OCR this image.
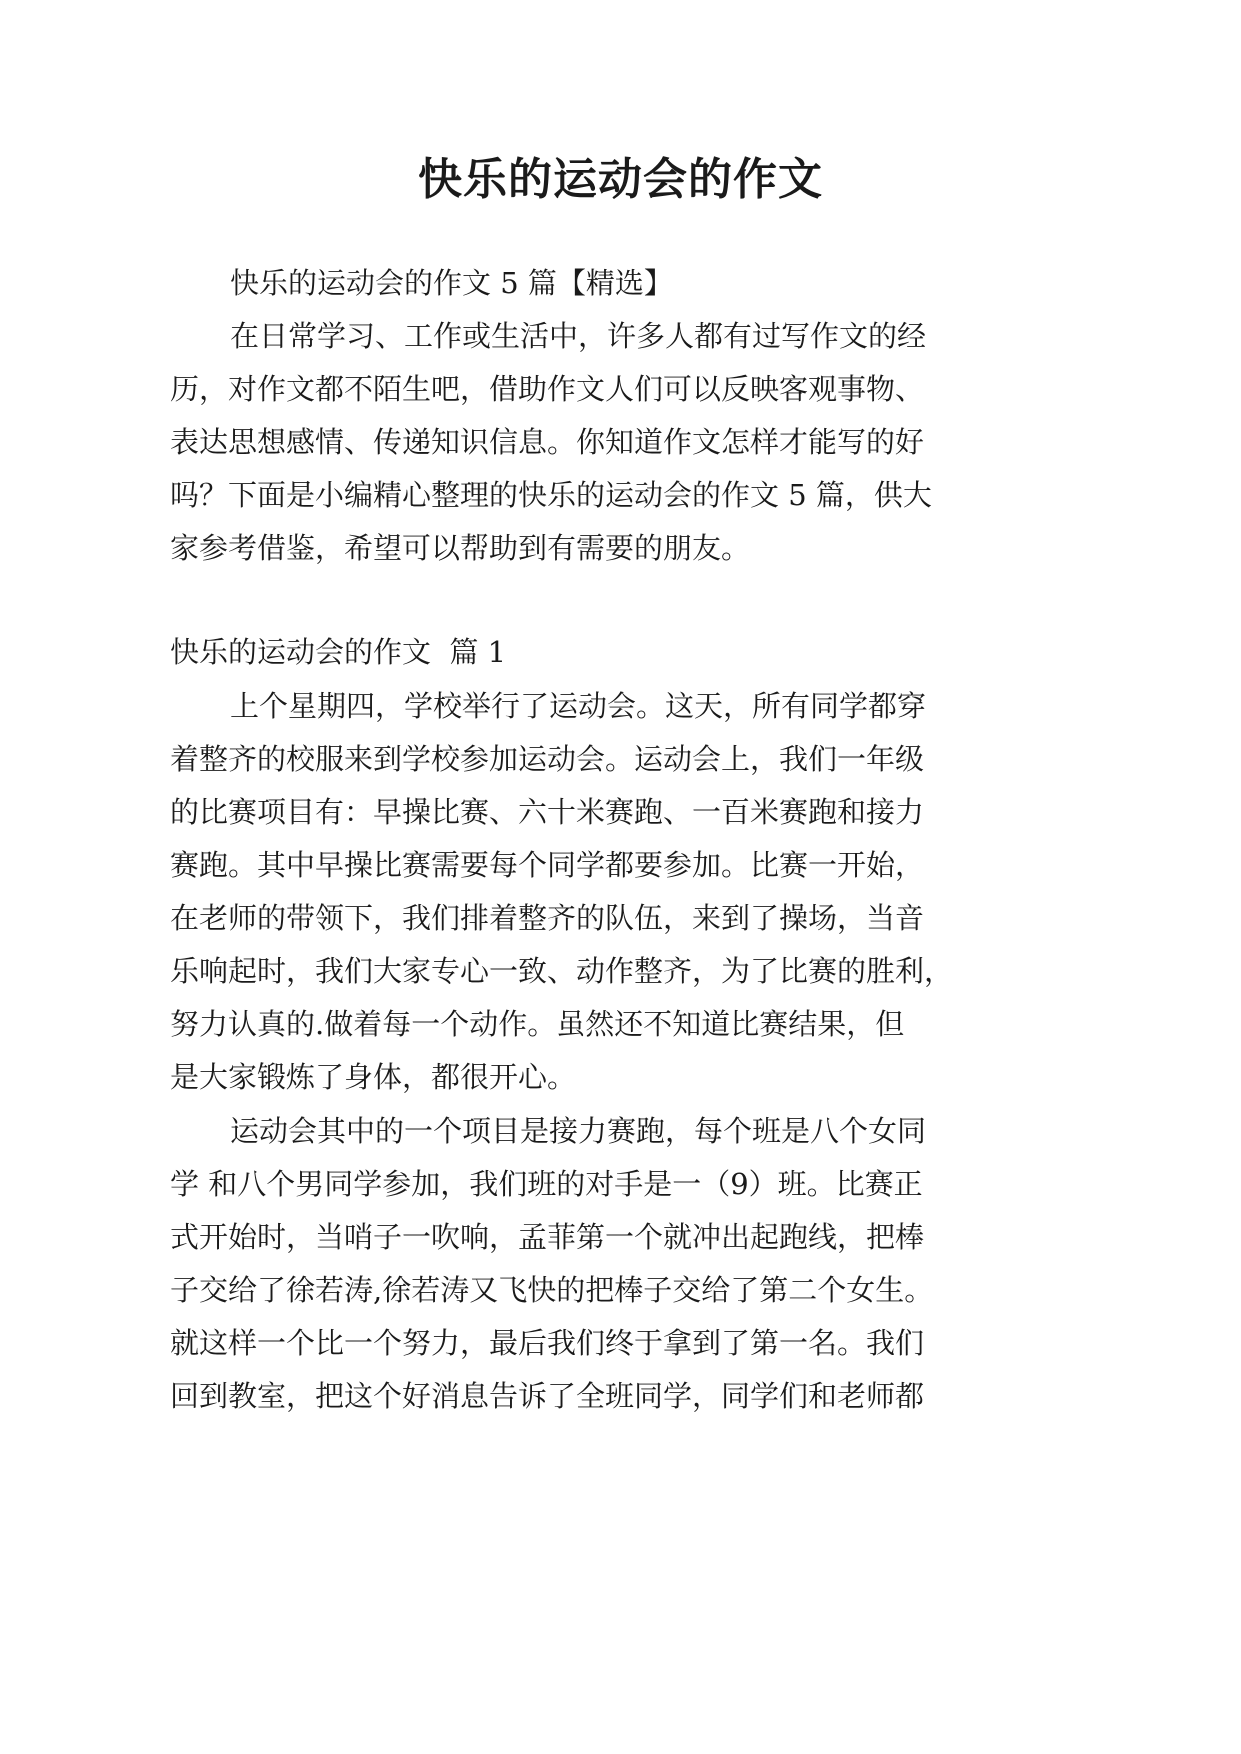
快乐的运动会的作文

快乐的运动会的作文 5 篇【精选】

在日常学习、工作或生活中，许多人都有过写作文的经

历，对作文都不陌生吧，借助作文人们可以反映客观事物、

表达思想感情、传递知识信息。你知道作文怎样才能写的好

吗？下面是小编精心整理的快乐的运动会的作文 5 篇，供大

家参考借鉴，希望可以帮助到有需要的朋友。

快乐的运动会的作文  篇 1

上个星期四，学校举行了运动会。这天，所有同学都穿

着整齐的校服来到学校参加运动会。运动会上，我们一年级

的比赛项目有：早操比赛、六十米赛跑、一百米赛跑和接力

赛跑。其中早操比赛需要每个同学都要参加。比赛一开始，

在老师的带领下，我们排着整齐的队伍，来到了操场，当音

乐响起时，我们大家专心一致、动作整齐，为了比赛的胜利，

努力认真的.做着每一个动作。虽然还不知道比赛结果，但

是大家锻炼了身体，都很开心。

运动会其中的一个项目是接力赛跑，每个班是八个女同

学 和八个男同学参加，我们班的对手是一（9）班。比赛正

式开始时，当哨子一吹响，孟菲第一个就冲出起跑线，把棒

子交给了徐若涛,徐若涛又飞快的把棒子交给了第二个女生。

就这样一个比一个努力，最后我们终于拿到了第一名。我们

回到教室，把这个好消息告诉了全班同学，同学们和老师都
